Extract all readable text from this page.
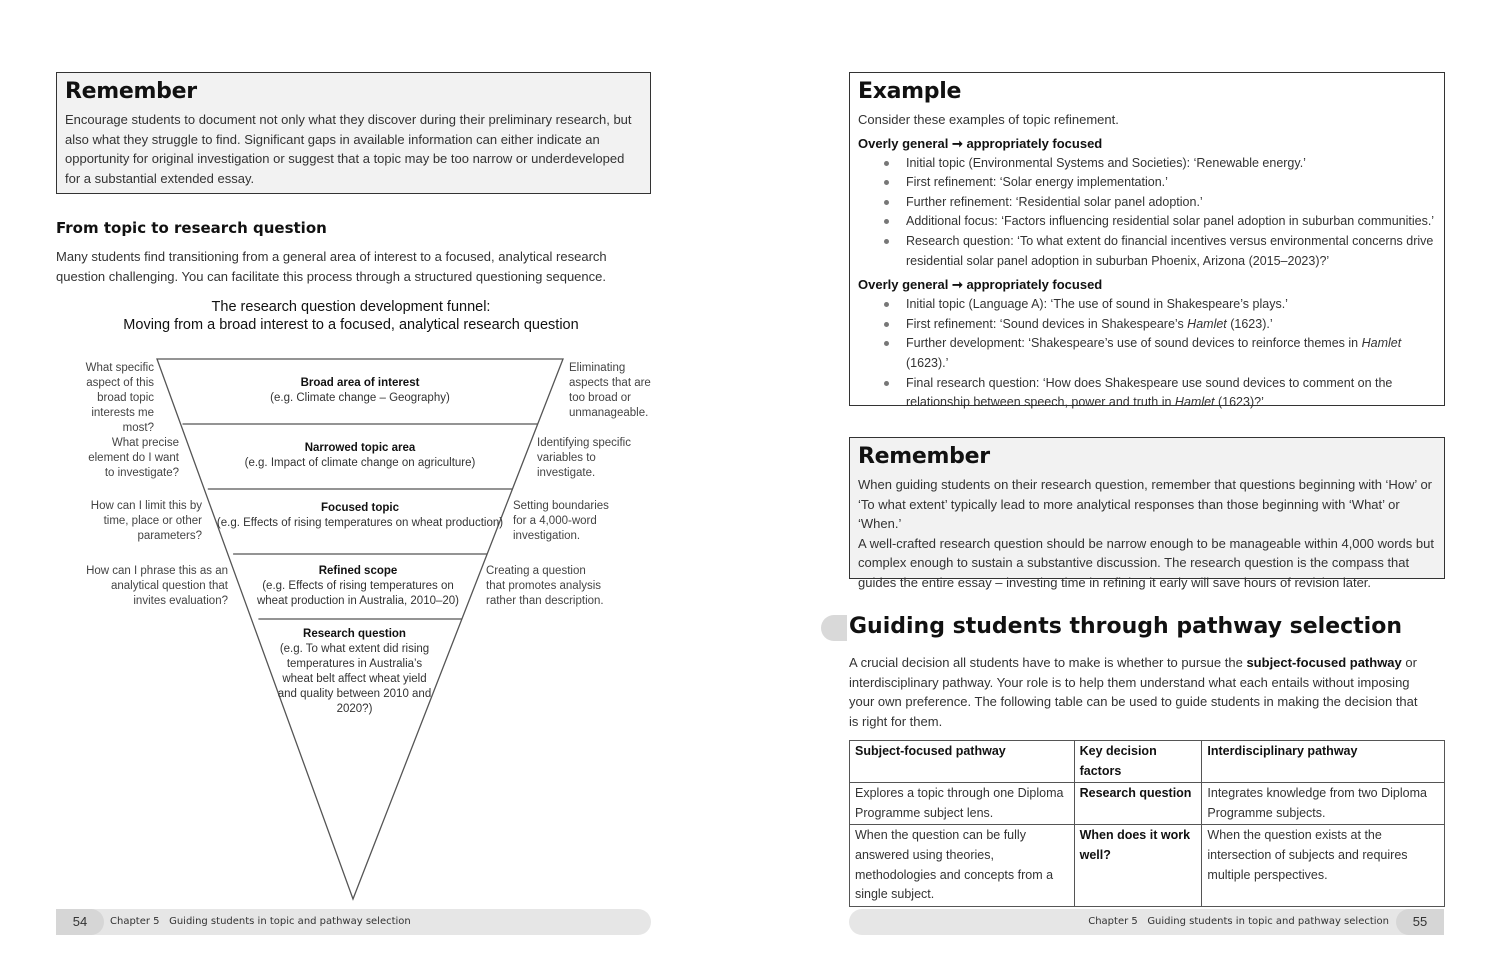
Remember
Encourage students to document not only what they discover during their preliminary research, but also what they struggle to find. Significant gaps in available information can either indicate an opportunity for original investigation or suggest that a topic may be too narrow or underdeveloped for a substantial extended essay.
From topic to research question
Many students find transitioning from a general area of interest to a focused, analytical research question challenging. You can facilitate this process through a structured questioning sequence.
The research question development funnel:
Moving from a broad interest to a focused, analytical research question
Broad area of interest
(e.g. Climate change – Geography)
Narrowed topic area
(e.g. Impact of climate change on agriculture)
Focused topic
(e.g. Effects of rising temperatures on wheat production)
Refined scope
(e.g. Effects of rising temperatures on wheat production in Australia, 2010–20)
Research question
(e.g. To what extent did rising temperatures in Australia’s wheat belt affect wheat yield and quality between 2010 and 2020?)
What specific aspect of this broad topic interests me most?
What precise element do I want to investigate?
How can I limit this by time, place or other parameters?
How can I phrase this as an analytical question that invites evaluation?
Eliminating aspects that are too broad or unmanageable.
Identifying specific variables to investigate.
Setting boundaries for a 4,000-word investigation.
Creating a question that promotes analysis rather than description.
54	Chapter 5 Guiding students in topic and pathway selection
Example
Consider these examples of topic refinement.
Overly general ➞ appropriately focused
Initial topic (Environmental Systems and Societies): ‘Renewable energy.’
First refinement: ‘Solar energy implementation.’
Further refinement: ‘Residential solar panel adoption.’
Additional focus: ‘Factors influencing residential solar panel adoption in suburban communities.’
Research question: ‘To what extent do financial incentives versus environmental concerns drive residential solar panel adoption in suburban Phoenix, Arizona (2015–2023)?’
Overly general ➞ appropriately focused
Initial topic (Language A): ‘The use of sound in Shakespeare’s plays.’
First refinement: ‘Sound devices in Shakespeare’s Hamlet (1623).’
Further development: ‘Shakespeare’s use of sound devices to reinforce themes in Hamlet (1623).’
Final research question: ‘How does Shakespeare use sound devices to comment on the relationship between speech, power and truth in Hamlet (1623)?’
Remember

When guiding students on their research question, remember that questions beginning with ‘How’ or ‘To what extent’ typically lead to more analytical responses than those beginning with ‘What’ or ‘When.’

A well-crafted research question should be narrow enough to be manageable within 4,000 words but complex enough to sustain a substantive discussion. The research question is the compass that guides the entire essay – investing time in refining it early will save hours of revision later.

Guiding students through pathway selection
A crucial decision all students have to make is whether to pursue the subject-focused pathway or interdisciplinary pathway. Your role is to help them understand what each entails without imposing your own preference. The following table can be used to guide students in making the decision that is right for them.
Subject-focused pathway	Key decision factors	Interdisciplinary pathway
Explores a topic through one Diploma Programme subject lens.	Research question	Integrates knowledge from two Diploma Programme subjects.
When the question can be fully answered using theories, methodologies and concepts from a single subject.	When does it work well?	When the question exists at the intersection of subjects and requires multiple perspectives.
Chapter 5 Guiding students in topic and pathway selection	55
